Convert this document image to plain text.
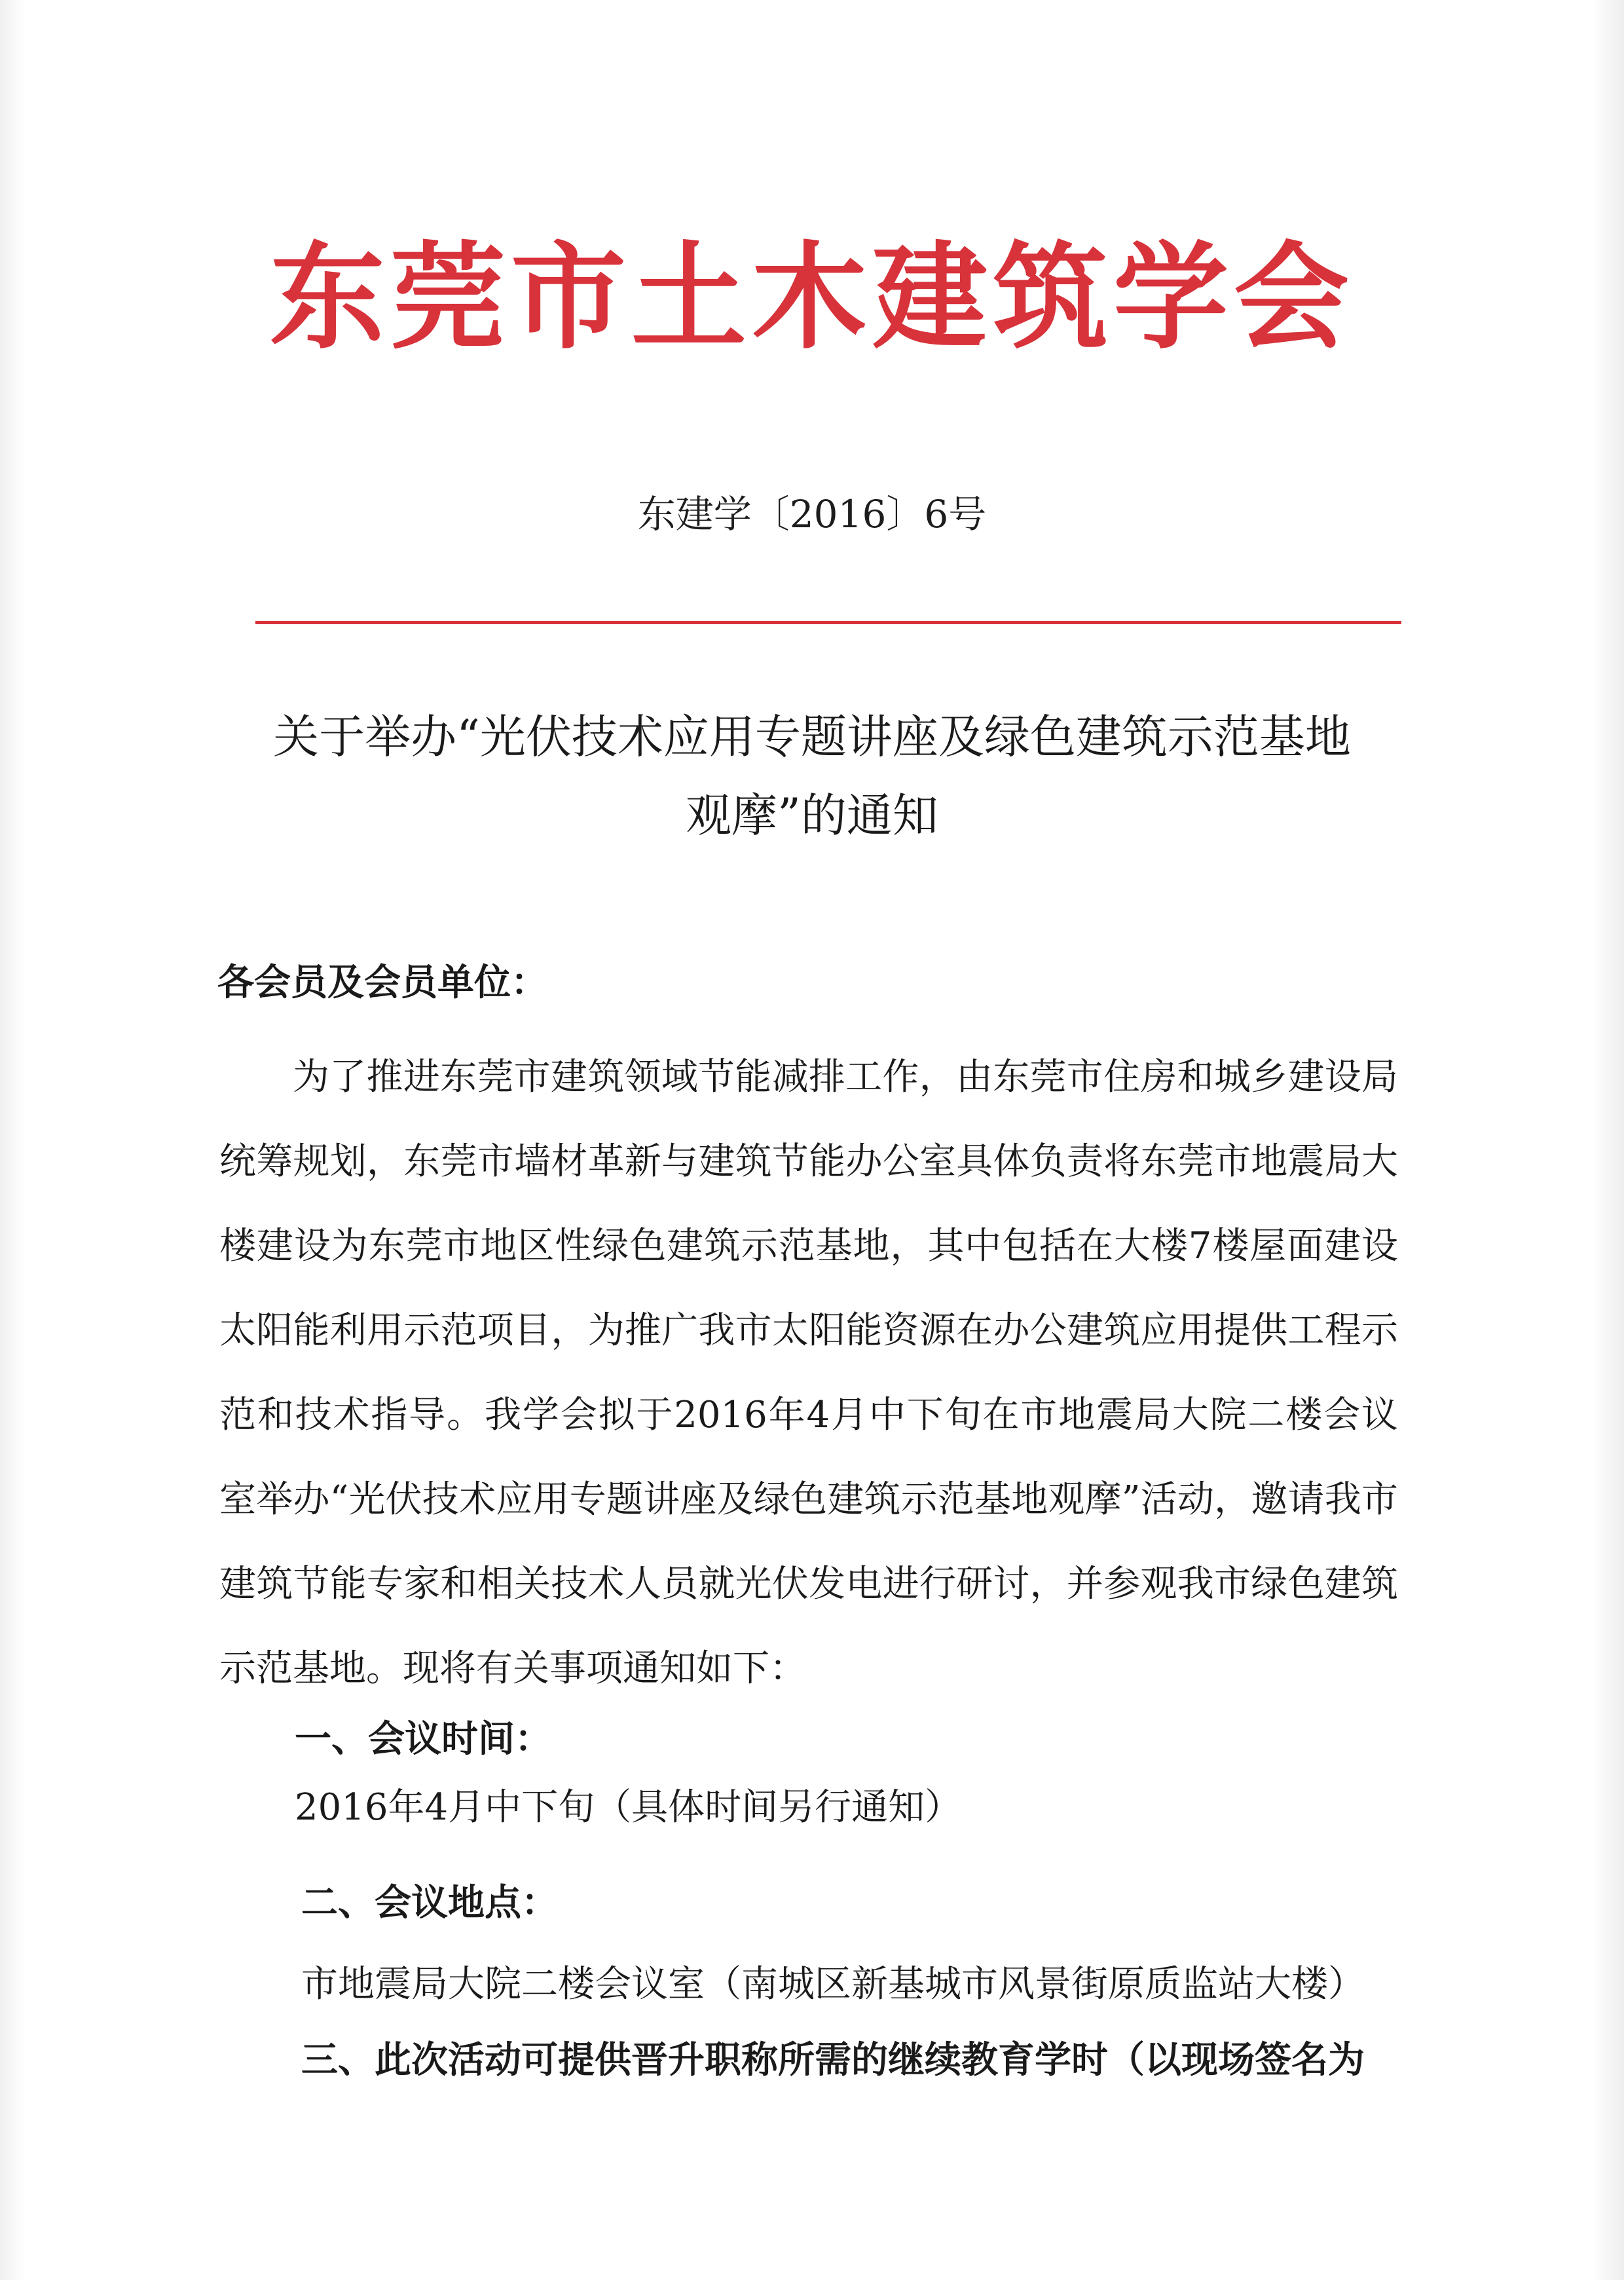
东莞市土木建筑学会
东建学〔2016〕6号
关于举办“光伏技术应用专题讲座及绿色建筑示范基地
观摩”的通知
各会员及会员单位：
为了推进东莞市建筑领域节能减排工作，由东莞市住房和城乡建设局统筹规划，东莞市墙材革新与建筑节能办公室具体负责将东莞市地震局大楼建设为东莞市地区性绿色建筑示范基地，其中包括在大楼7楼屋面建设太阳能利用示范项目，为推广我市太阳能资源在办公建筑应用提供工程示范和技术指导。我学会拟于2016年4月中下旬在市地震局大院二楼会议室举办“光伏技术应用专题讲座及绿色建筑示范基地观摩”活动，邀请我市建筑节能专家和相关技术人员就光伏发电进行研讨，并参观我市绿色建筑示范基地。现将有关事项通知如下：
一、会议时间：
2016年4月中下旬（具体时间另行通知）
二、会议地点：
市地震局大院二楼会议室（南城区新基城市风景街原质监站大楼）
三、此次活动可提供晋升职称所需的继续教育学时（以现场签名为
